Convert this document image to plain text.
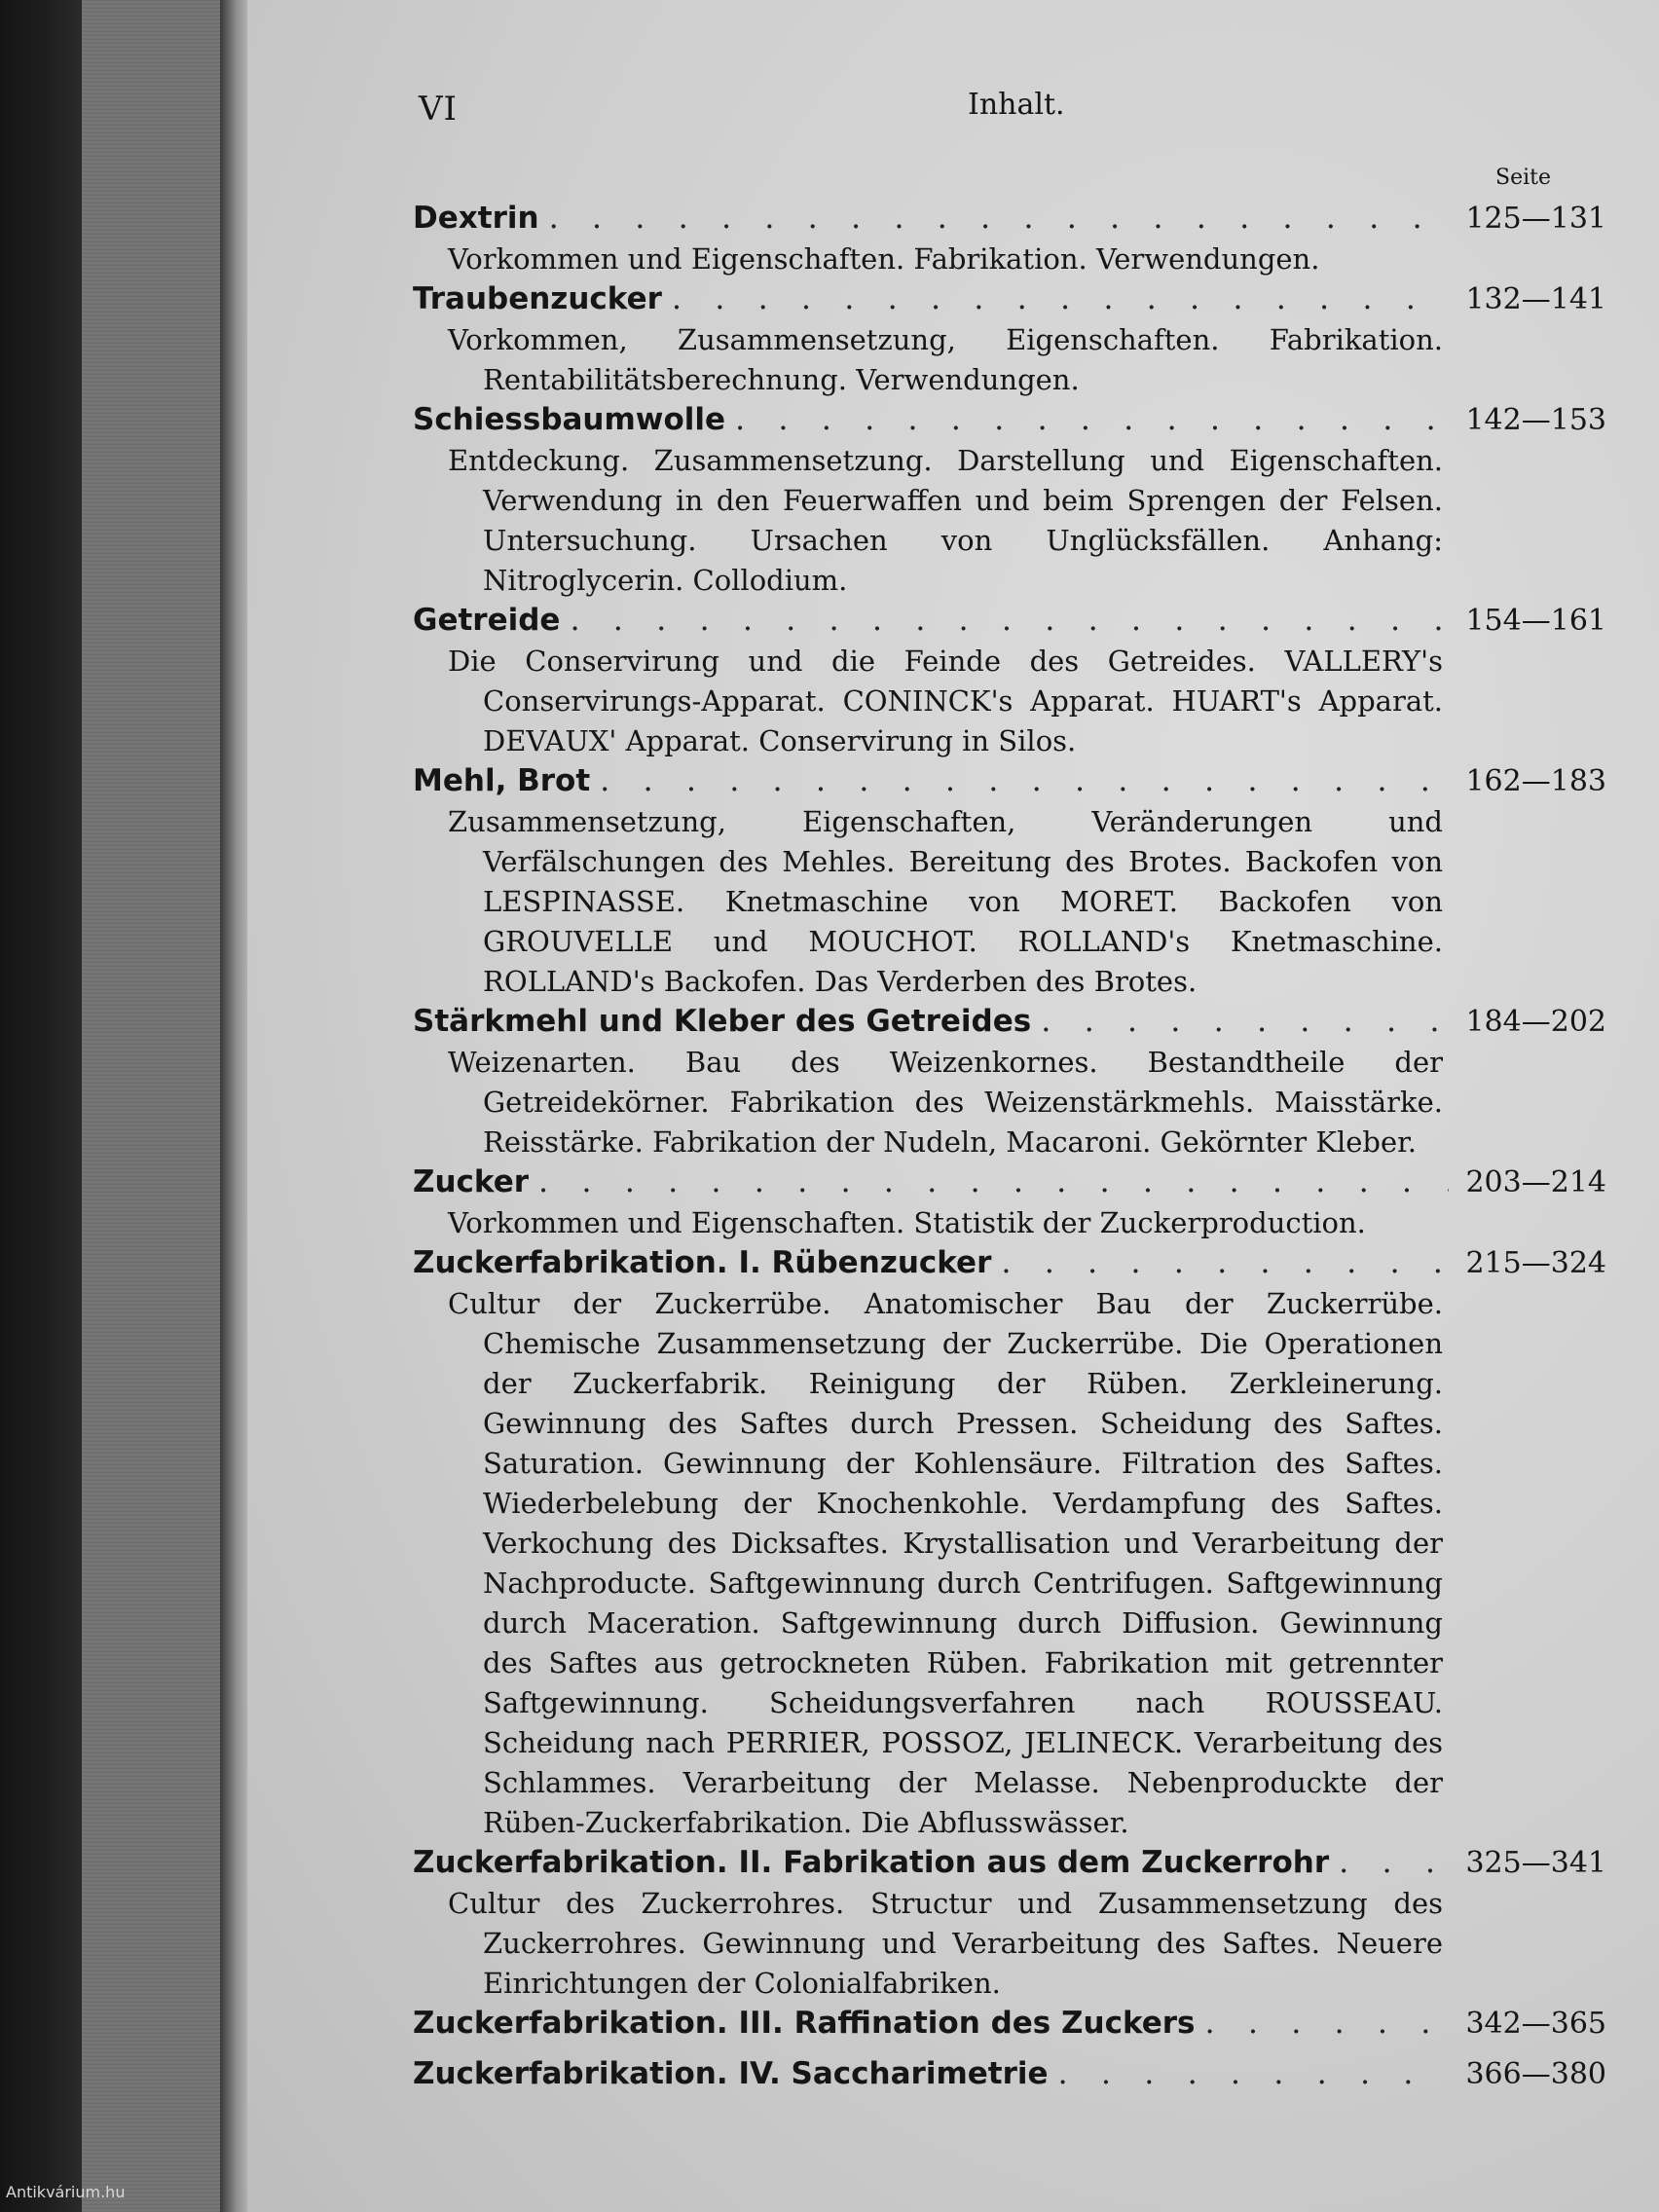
VI	Inhalt.
Seite
Dextrin . . .	125—131
Vorkommen und Eigenschaften. Fabrikation. Verwendungen.
Traubenzucker . . .	132—141
Vorkommen, Zusammensetzung, Eigenschaften. Fabrikation. Rentabilitätsberechnung. Verwendungen.
Schiessbaumwolle . . .	142—153
Entdeckung. Zusammensetzung. Darstellung und Eigenschaften. Verwendung in den Feuerwaffen und beim Sprengen der Felsen. Untersuchung. Ursachen von Unglücksfällen. Anhang: Nitroglycerin. Collodium.
Getreide . . .	154—161
Die Conservirung und die Feinde des Getreides. VALLERY's Conservirungs-Apparat. CONINCK's Apparat. HUART's Apparat. DEVAUX' Apparat. Conservirung in Silos.
Mehl, Brot . . .	162—183
Zusammensetzung, Eigenschaften, Veränderungen und Verfälschungen des Mehles. Bereitung des Brotes. Backofen von LESPINASSE. Knetmaschine von MORET. Backofen von GROUVELLE und MOUCHOT. ROLLAND's Knetmaschine. ROLLAND's Backofen. Das Verderben des Brotes.
Stärkmehl und Kleber des Getreides . . .	184—202
Weizenarten. Bau des Weizenkornes. Bestandtheile der Getreidekörner. Fabrikation des Weizenstärkmehls. Maisstärke. Reisstärke. Fabrikation der Nudeln, Macaroni. Gekörnter Kleber.
Zucker . . .	203—214
Vorkommen und Eigenschaften. Statistik der Zuckerproduction.
Zuckerfabrikation. I. Rübenzucker . . .	215—324
Cultur der Zuckerrübe. Anatomischer Bau der Zuckerrübe. Chemische Zusammensetzung der Zuckerrübe. Die Operationen der Zuckerfabrik. Reinigung der Rüben. Zerkleinerung. Gewinnung des Saftes durch Pressen. Scheidung des Saftes. Saturation. Gewinnung der Kohlensäure. Filtration des Saftes. Wiederbelebung der Knochenkohle. Verdampfung des Saftes. Verkochung des Dicksaftes. Krystallisation und Verarbeitung der Nachproducte. Saftgewinnung durch Centrifugen. Saftgewinnung durch Maceration. Saftgewinnung durch Diffusion. Gewinnung des Saftes aus getrockneten Rüben. Fabrikation mit getrennter Saftgewinnung. Scheidungsverfahren nach ROUSSEAU. Scheidung nach PERRIER, POSSOZ, JELINECK. Verarbeitung des Schlammes. Verarbeitung der Melasse. Nebenproduckte der Rüben-Zuckerfabrikation. Die Abflusswässer.
Zuckerfabrikation. II. Fabrikation aus dem Zuckerrohr . . .	325—341
Cultur des Zuckerrohres. Structur und Zusammensetzung des Zuckerrohres. Gewinnung und Verarbeitung des Saftes. Neuere Einrichtungen der Colonialfabriken.
Zuckerfabrikation. III. Raffination des Zuckers . . .	342—365
Zuckerfabrikation. IV. Saccharimetrie . . .	366—380
Antikvárium.hu
